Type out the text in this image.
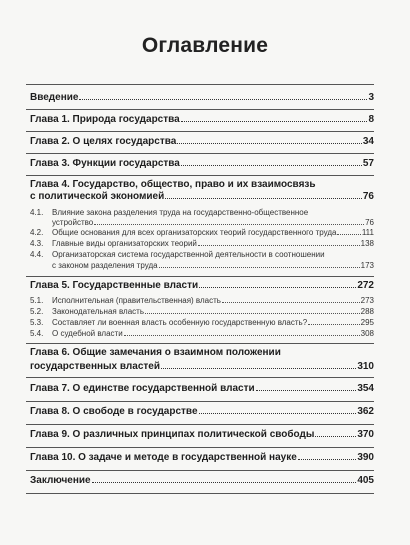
Оглавление
Введение	3
Глава 1. Природа государства	8
Глава 2. О целях государства	34
Глава 3. Функции государства	57
Глава 4. Государство, общество, право и их взаимосвязь
с политической экономией	76
4.1.	Влияние закона разделения труда на государственно-общественное
устройство	76
4.2.	Общие основания для всех организаторских теорий государственного труда	111
4.3.	Главные виды организаторских теорий	138
4.4.	Организаторская система государственной деятельности в соотношении
с законом разделения труда	173
Глава 5. Государственные власти	272
5.1.	Исполнительная (правительственная) власть	273
5.2.	Законодательная власть	288
5.3.	Составляет ли военная власть особенную государственную власть?	295
5.4.	О судебной власти	308
Глава 6. Общие замечания о взаимном положении
государственных властей	310
Глава 7. О единстве государственной власти	354
Глава 8. О свободе в государстве	362
Глава 9. О различных принципах политической свободы	370
Глава 10. О задаче и методе в государственной науке	390
Заключение	405
